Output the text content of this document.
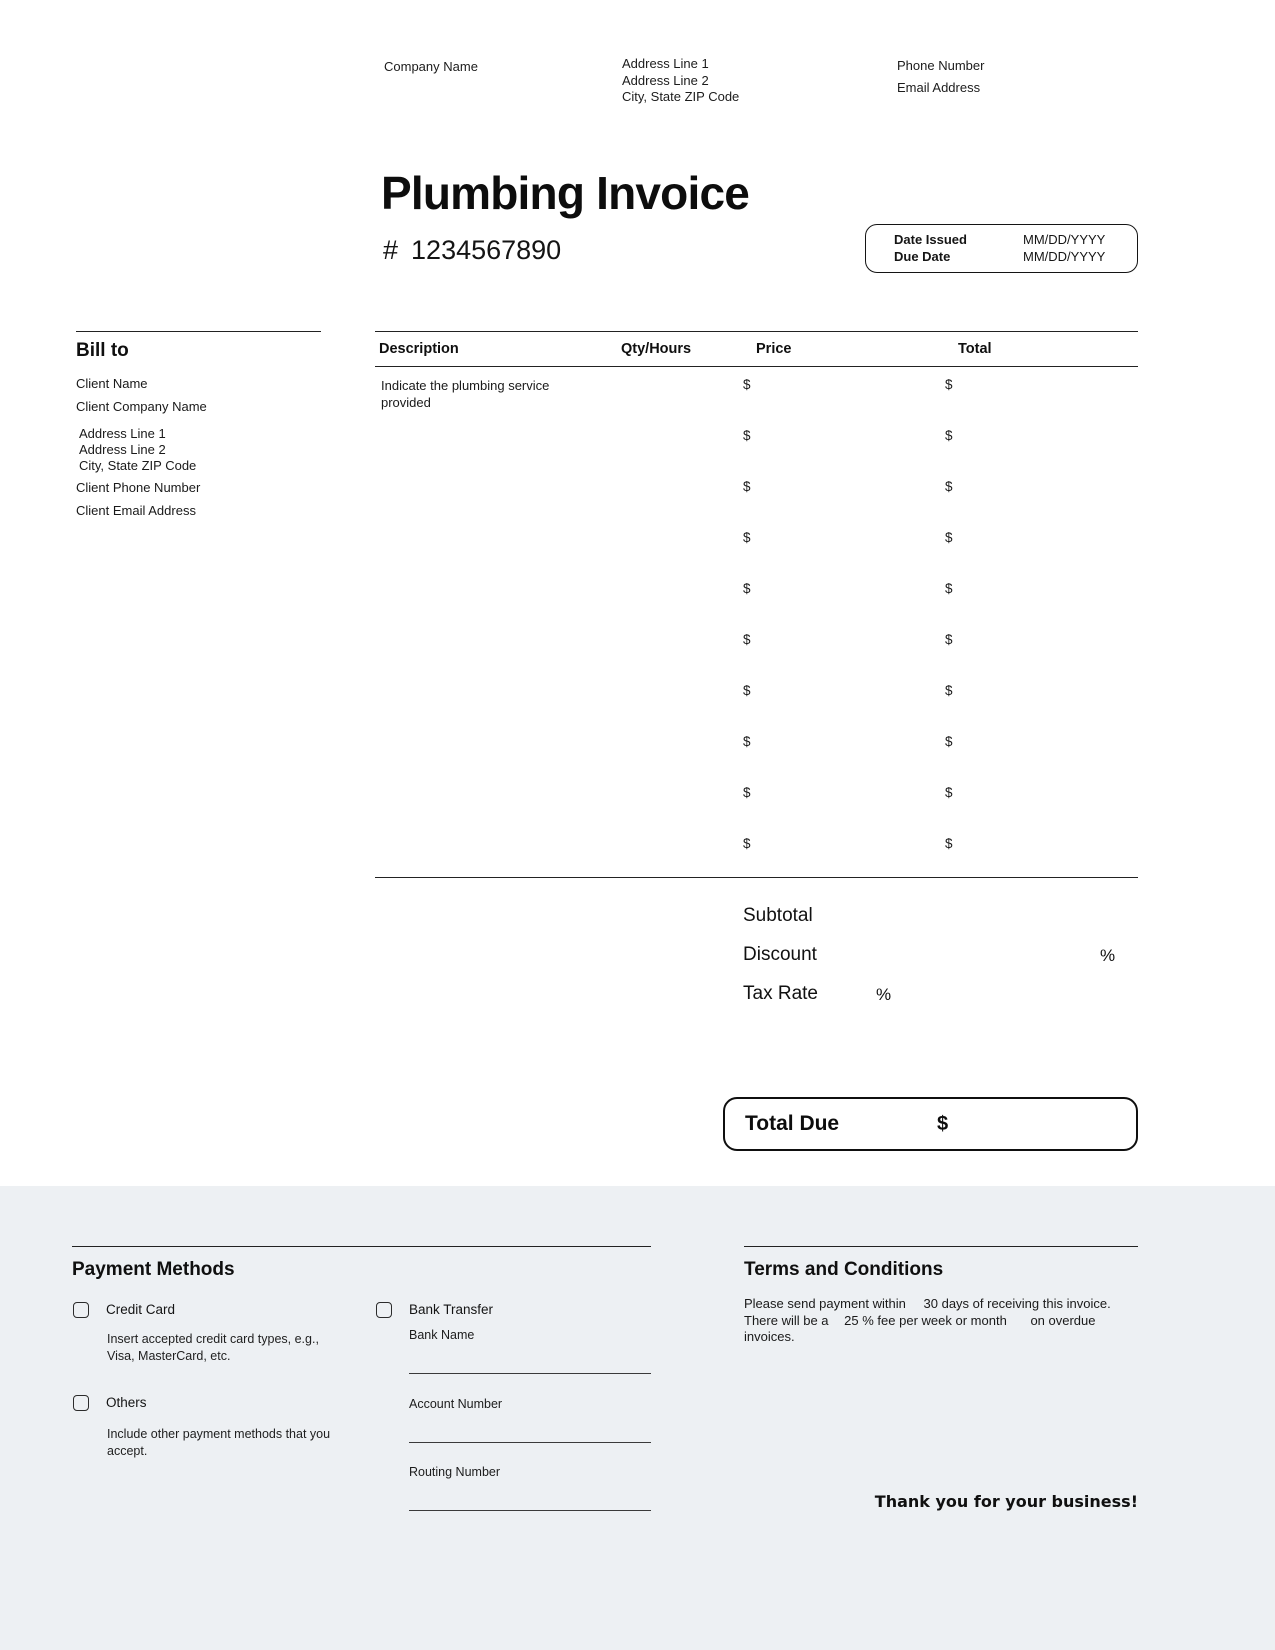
Company Name	Address Line 1
Address Line 2
City, State ZIP Code
Phone Number
Email Address
Plumbing Invoice
# 1234567890	Date Issued	MM/DD/YYYY
Due Date	MM/DD/YYYY
Bill to
Client Name
Client Company Name
Address Line 1
Address Line 2
City, State ZIP Code
Client Phone Number
Client Email Address
Description	Qty/Hours	Price	Total
Indicate the plumbing service provided
$	$
$	$
$	$
$	$
$	$
$	$
$	$
$	$
$	$
$	$
Subtotal
Discount	%
Tax Rate	%
Total Due	$
Payment Methods
Credit Card
Insert accepted credit card types, e.g., Visa, MasterCard, etc.
Others
Include other payment methods that you accept.
Bank Transfer
Bank Name
Account Number
Routing Number
Terms and Conditions

Please send payment within 30 days of receiving this invoice. There will be a 25 % fee per week or month on overdue invoices.

Thank you for your business!
